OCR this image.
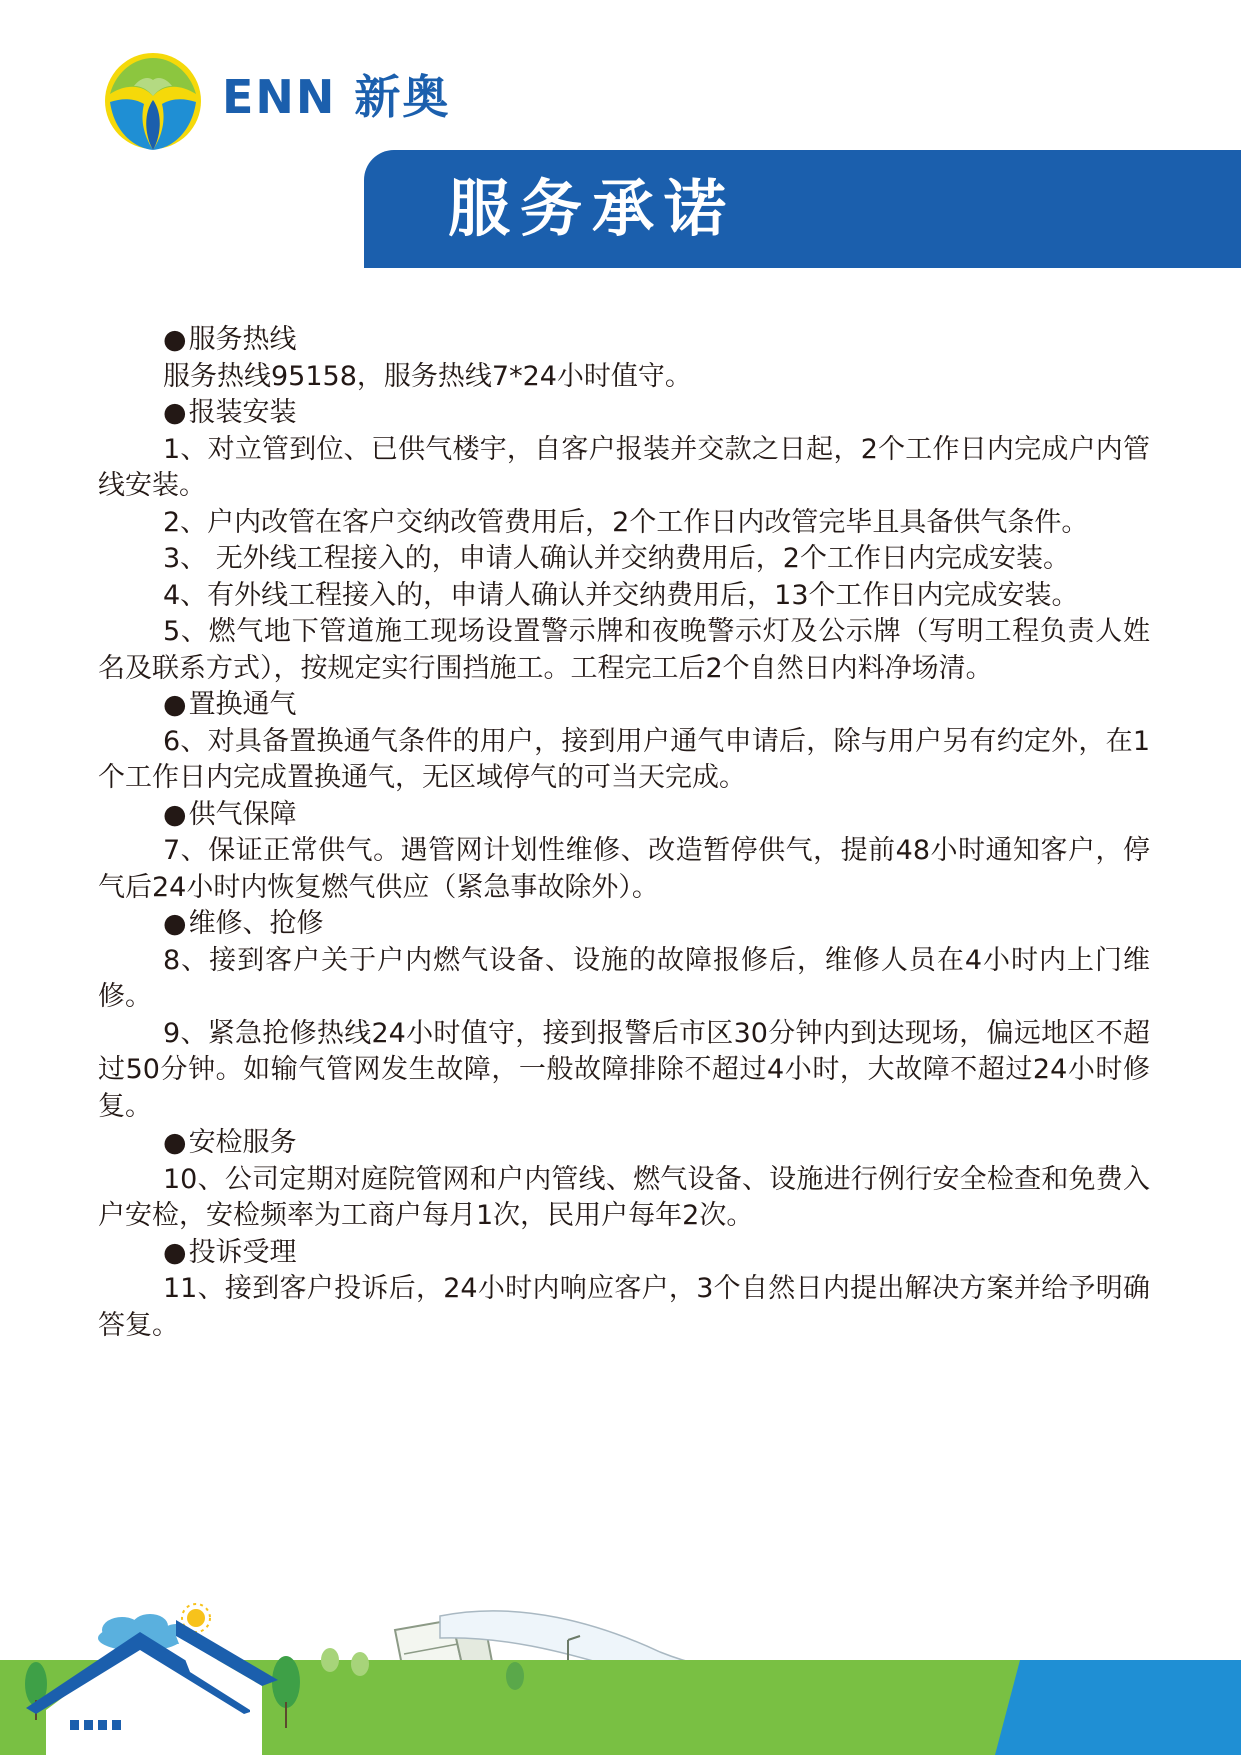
ENN 新奥
服务承诺
●服务热线
服务热线95158，服务热线7*24小时值守。
●报装安装
1、对立管到位、已供气楼宇，自客户报装并交款之日起，2个工作日内完成户内管线安装。
2、户内改管在客户交纳改管费用后，2个工作日内改管完毕且具备供气条件。
3、 无外线工程接入的，申请人确认并交纳费用后，2个工作日内完成安装。
4、有外线工程接入的，申请人确认并交纳费用后，13个工作日内完成安装。
5、燃气地下管道施工现场设置警示牌和夜晚警示灯及公示牌（写明工程负责人姓名及联系方式），按规定实行围挡施工。工程完工后2个自然日内料净场清。
●置换通气
6、对具备置换通气条件的用户，接到用户通气申请后，除与用户另有约定外，在1个工作日内完成置换通气，无区域停气的可当天完成。
●供气保障
7、保证正常供气。遇管网计划性维修、改造暂停供气，提前48小时通知客户，停气后24小时内恢复燃气供应（紧急事故除外）。
●维修、抢修
8、接到客户关于户内燃气设备、设施的故障报修后，维修人员在4小时内上门维修。
9、紧急抢修热线24小时值守，接到报警后市区30分钟内到达现场，偏远地区不超过50分钟。如输气管网发生故障，一般故障排除不超过4小时，大故障不超过24小时修复。
●安检服务
10、公司定期对庭院管网和户内管线、燃气设备、设施进行例行安全检查和免费入户安检，安检频率为工商户每月1次，民用户每年2次。
●投诉受理
11、接到客户投诉后，24小时内响应客户，3个自然日内提出解决方案并给予明确答复。
